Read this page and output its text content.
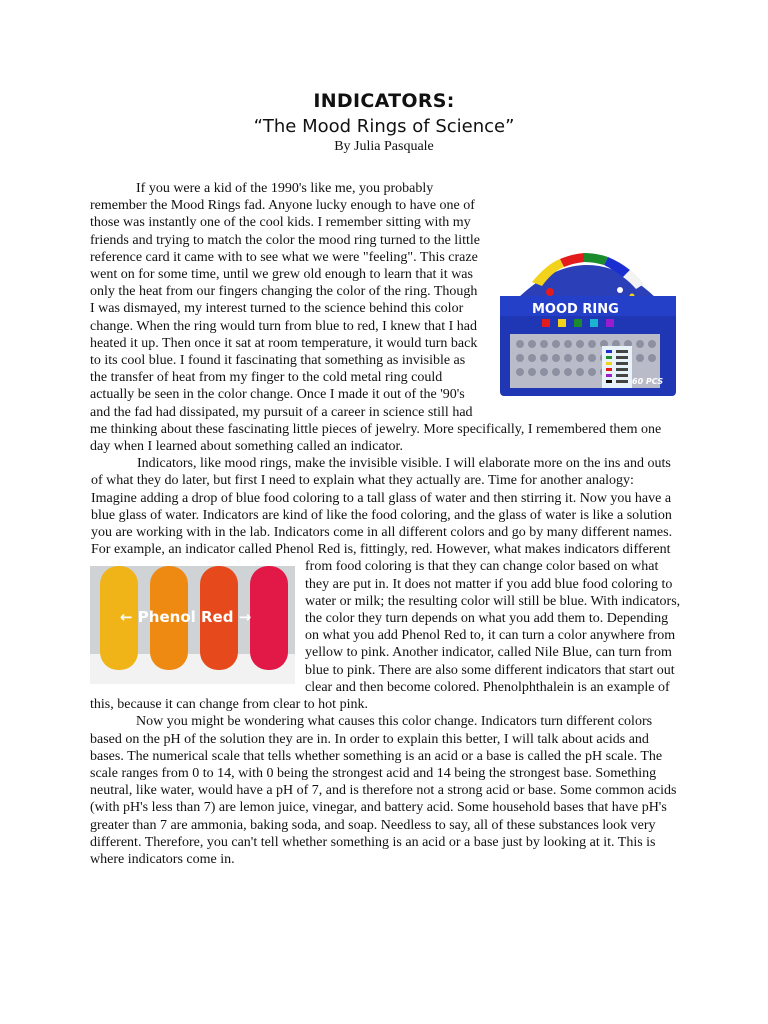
INDICATORS:
“The Mood Rings of Science”
By Julia Pasquale
MOOD RING
60 PCS

If you were a kid of the 1990's like me, you probably remember the Mood Rings fad. Anyone lucky enough to have one of those was instantly one of the cool kids. I remember sitting with my friends and trying to match the color the mood ring turned to the little reference card it came with to see what we were "feeling". This craze went on for some time, until we grew old enough to learn that it was only the heat from our fingers changing the color of the ring. Though I was dismayed, my interest turned to the science behind this color change. When the ring would turn from blue to red, I knew that I had heated it up. Then once it sat at room temperature, it would turn back to its cool blue. I found it fascinating that something as invisible as the transfer of heat from my finger to the cold metal ring could actually be seen in the color change. Once I made it out of the '90's and the fad had dissipated, my pursuit of a career in science still had me thinking about these fascinating little pieces of jewelry. More specifically, I remembered them one day when I learned about something called an indicator.

Indicators, like mood rings, make the invisible visible. I will elaborate more on the ins and outs of what they do later, but first I need to explain what they actually are. Time for another analogy: Imagine adding a drop of blue food coloring to a tall glass of water and then stirring it. Now you have a blue glass of water. Indicators are kind of like the food coloring, and the glass of water is like a solution you are working with in the lab. Indicators come in all different colors and go by many different names. For example, an indicator called Phenol Red is, fittingly, red. However, what makes indicators different from food coloring is that they can change color based on what they are put in. It does not matter if you add blue food coloring to water or milk; the resulting color will still be blue. With indicators, the color they turn depends on what you add them to. Depending on what you add Phenol Red to, it can turn a color anywhere from yellow to pink. Another indicator, called Nile Blue, can turn from blue to pink. There are also some different indicators that start out clear and then become colored. Phenolphthalein is an example of this, because it can change from clear to hot pink.

Now you might be wondering what causes this color change. Indicators turn different colors based on the pH of the solution they are in. In order to explain this better, I will talk about acids and bases. The numerical scale that tells whether something is an acid or a base is called the pH scale. The scale ranges from 0 to 14, with 0 being the strongest acid and 14 being the strongest base. Something neutral, like water, would have a pH of 7, and is therefore not a strong acid or base. Some common acids (with pH's less than 7) are lemon juice, vinegar, and battery acid. Some household bases that have pH's greater than 7 are ammonia, baking soda, and soap. Needless to say, all of these substances look very different. Therefore, you can't tell whether something is an acid or a base just by looking at it. This is where indicators come in.

← Phenol Red →
